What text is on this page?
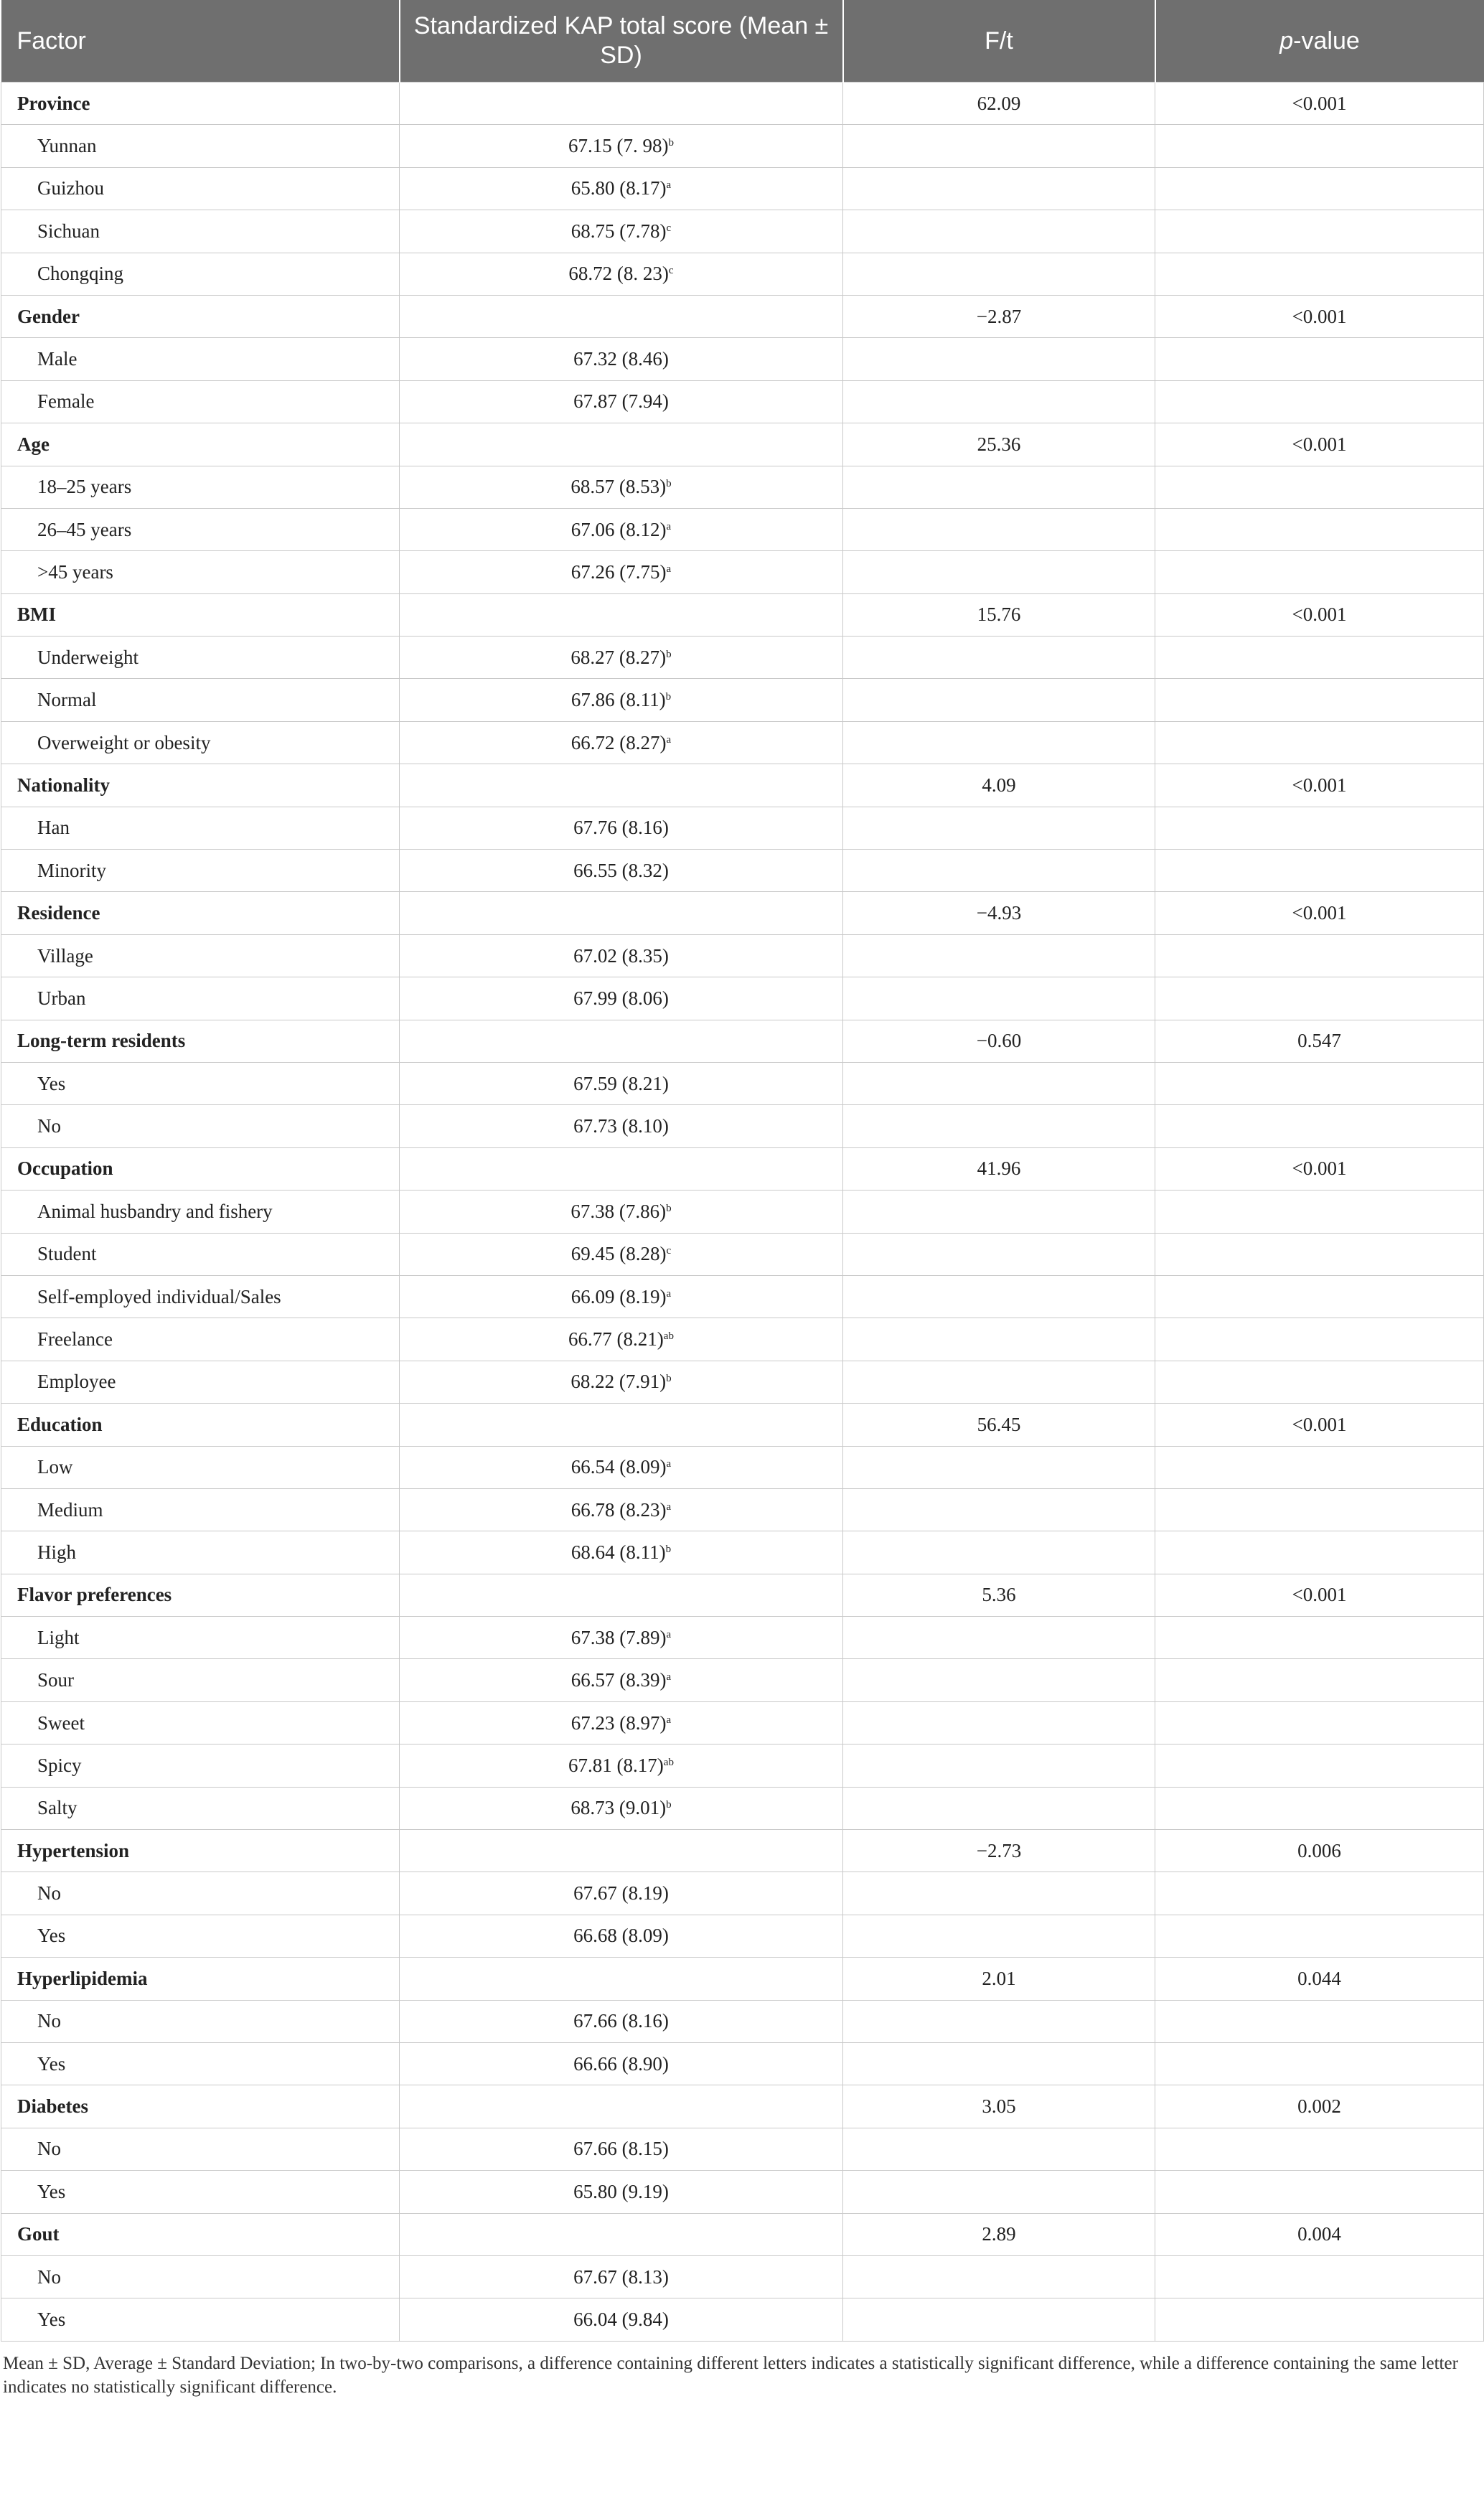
Factor	Standardized KAP total score (Mean ± SD)	F/t	p-value
Province		62.09	<0.001
Yunnan	67.15 (7. 98)$^b$		
Guizhou	65.80 $(8.17)^a$		
Sichuan	68.75 $(7.78)^c$		
Chongqing	68.72 (8. 23)$^c$		
Gender		−2.87	<0.001
Male	67.32 (8.46)		
Female	67.87 (7.94)		
Age		25.36	<0.001
18–25 years	68.57 $(8.53)^b$		
26–45 years	67.06 $(8.12)^a$		
>45 years	67.26 $(7.75)^a$		
BMI		15.76	<0.001
Underweight	68.27 $(8.27)^b$		
Normal	67.86 $(8.11)^b$		
Overweight or obesity	66.72 $(8.27)^a$		
Nationality		4.09	<0.001
Han	67.76 (8.16)		
Minority	66.55 (8.32)		
Residence		−4.93	<0.001
Village	67.02 (8.35)		
Urban	67.99 (8.06)		
Long-term residents		−0.60	0.547
Yes	67.59 (8.21)		
No	67.73 (8.10)		
Occupation		41.96	<0.001
Animal husbandry and fishery	67.38 $(7.86)^b$		
Student	69.45 $(8.28)^c$		
Self-employed individual/Sales	66.09 $(8.19)^a$		
Freelance	66.77 $(8.21)^{ab}$		
Employee	68.22 $(7.91)^b$		
Education		56.45	<0.001
Low	66.54 $(8.09)^a$		
Medium	66.78 $(8.23)^a$		
High	68.64 $(8.11)^b$		
Flavor preferences		5.36	<0.001
Light	67.38 $(7.89)^a$		
Sour	66.57 $(8.39)^a$		
Sweet	67.23 $(8.97)^a$		
Spicy	67.81 $(8.17)^{ab}$		
Salty	68.73 $(9.01)^b$		
Hypertension		−2.73	0.006
No	67.67 (8.19)		
Yes	66.68 (8.09)		
Hyperlipidemia		2.01	0.044
No	67.66 (8.16)		
Yes	66.66 (8.90)		
Diabetes		3.05	0.002
No	67.66 (8.15)		
Yes	65.80 (9.19)		
Gout		2.89	0.004
No	67.67 (8.13)		
Yes	66.04 (9.84)		
Mean ± SD, Average ± Standard Deviation; In two-by-two comparisons, a difference containing different letters indicates a statistically significant difference, while a difference containing the same letter indicates no statistically significant difference.
